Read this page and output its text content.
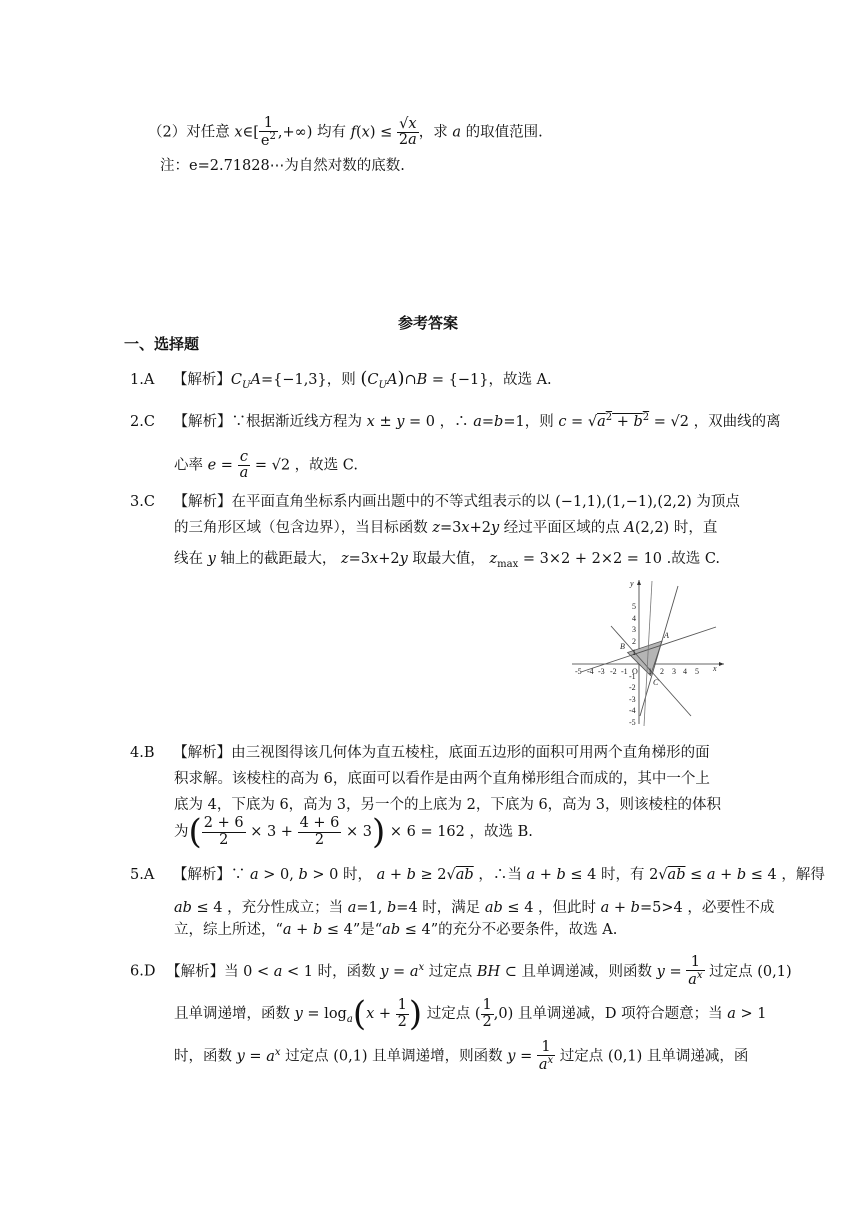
（2）对任意 x∈[ $\frac{1}{e^2}$ ,+∞) 均有 $f(x) \le \frac{√x}{2a}$ ，求 a 的取值范围.
注：e=2.71828⋯为自然对数的底数.
参考答案
一、选择题
1.A 【解析】$C_UA=\{-1,3\}$，则 $(C_UA)\cap B = \{-1\}$，故选 A.
2.C 【解析】∵根据渐近线方程为 x ± y = 0 ，∴ a=b=1，则 $c = √a^2 + b^2 = √2$ ，双曲线的离
心率 $e = \frac{c}{a} = √2$ ，故选 C.
3.C 【解析】在平面直角坐标系内画出题中的不等式组表示的以 (−1,1),(1,−1),(2,2) 为顶点
的三角形区域（包含边界），当目标函数 z=3x+2y 经过平面区域的点 A(2,2) 时，直
线在 y 轴上的截距最大， z=3x+2y 取最大值， $z_{max} = 3\times 2 + 2\times 2 = 10$ .故选 C.
-5 -4 -3 -2 -1 O 1 2 3 4 5 x
5
4
3
2
1
-1
-2
-3
-4
-5
y
A
B
C
4.B 【解析】由三视图得该几何体为直五棱柱，底面五边形的面积可用两个直角梯形的面
积求解。该棱柱的高为 6，底面可以看作是由两个直角梯形组合而成的，其中一个上
底为 4，下底为 6，高为 3，另一个的上底为 2，下底为 6，高为 3，则该棱柱的体积
为( $\frac{2 + 6}{2} \times 3 + \frac{4 + 6}{2} \times 3) \times 6 = 162$ ，故选 B.
5.A 【解析】∵ a > 0, b > 0 时， a + b ≥ 2√ab ，∴当 a + b ≤ 4 时，有 2√ab ≤ a + b ≤ 4 ，解得
ab ≤ 4 ，充分性成立；当 a=1, b=4 时，满足 ab ≤ 4 ，但此时 a + b=5>4 ，必要性不成
立，综上所述，“a + b ≤ 4”是“ab ≤ 4”的充分不必要条件，故选 A.
6.D 【解析】当 0 < a < 1 时，函数 $y = a^x$ 过定点 BH ⊂ 且单调递减，则函数 $y = \frac{1}{a^x}$ 过定点 (0,1)
且单调递增，函数 $y = \log_a(x + \frac{1}{2}$ ) 过定点 ( $\frac{1}{2} ,0$) 且单调递减，D 项符合题意；当 a > 1
时，函数 $y = a^x$ 过定点 (0,1) 且单调递增，则函数 $y = \frac{1}{a^x}$ 过定点 (0,1) 且单调递减，函
